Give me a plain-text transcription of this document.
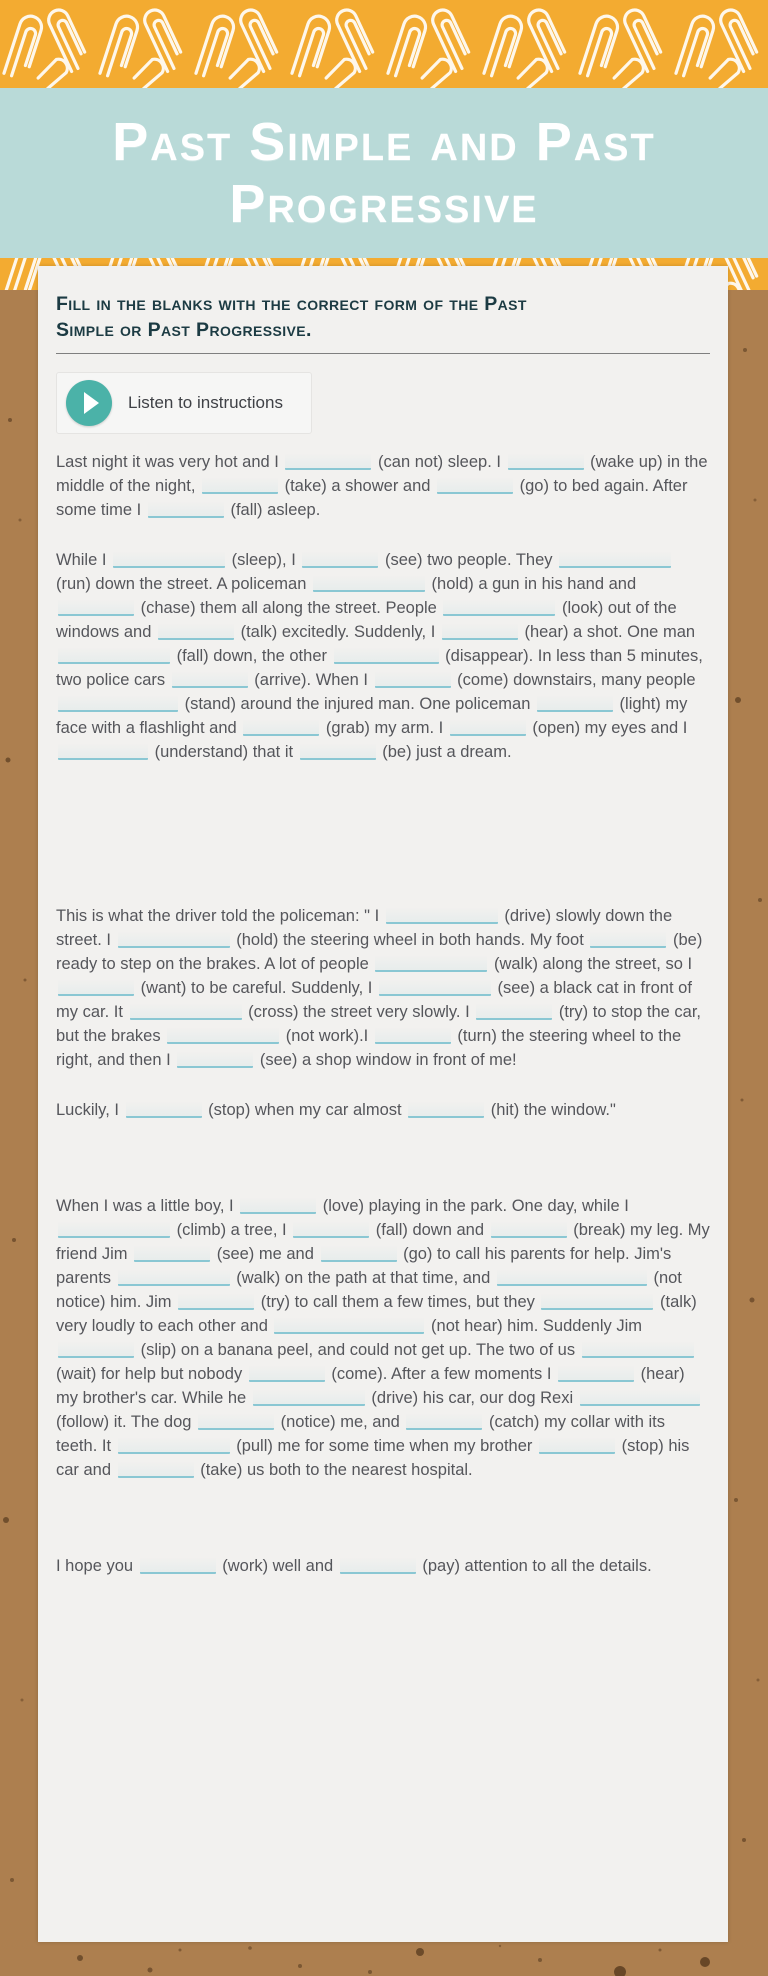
Past Simple and Past
Progressive
Fill in the blanks with the correct form of the Past Simple or Past Progressive.
Listen to instructions

Last night it was very hot and I	(can not) sleep. I	(wake up) in the middle of the night,	(take) a shower and	(go) to bed again. After some time I	(fall) asleep.

While I	(sleep), I	(see) two people. They  (run) down the street. A policeman	(hold) a gun in his hand and  (chase) them all along the street. People	(look) out of the windows and	(talk) excitedly. Suddenly, I	(hear) a shot. One man  (fall) down, the other	(disappear). In less than 5 minutes, two police cars	(arrive). When I	(come) downstairs, many people  (stand) around the injured man. One policeman	(light) my face with a flashlight and	(grab) my arm. I	(open) my eyes and I  (understand) that it	(be) just a dream.

This is what the driver told the policeman: " I	(drive) slowly down the street. I	(hold) the steering wheel in both hands. My foot	(be) ready to step on the brakes. A lot of people	(walk) along the street, so I  (want) to be careful. Suddenly, I	(see) a black cat in front of my car. It	(cross) the street very slowly. I	(try) to stop the car, but the brakes	(not work).I	(turn) the steering wheel to the right, and then I	(see) a shop window in front of me!

Luckily, I	(stop) when my car almost	(hit) the window."

When I was a little boy, I	(love) playing in the park. One day, while I  (climb) a tree, I	(fall) down and	(break) my leg. My friend Jim	(see) me and	(go) to call his parents for help. Jim's parents	(walk) on the path at that time, and	(not notice) him. Jim	(try) to call them a few times, but they	(talk) very loudly to each other and	(not hear) him. Suddenly Jim  (slip) on a banana peel, and could not get up. The two of us  (wait) for help but nobody	(come). After a few moments I	(hear) my brother's car. While he	(drive) his car, our dog Rexi  (follow) it. The dog	(notice) me, and	(catch) my collar with its teeth. It	(pull) me for some time when my brother	(stop) his car and	(take) us both to the nearest hospital.

I hope you	(work) well and	(pay) attention to all the details.
